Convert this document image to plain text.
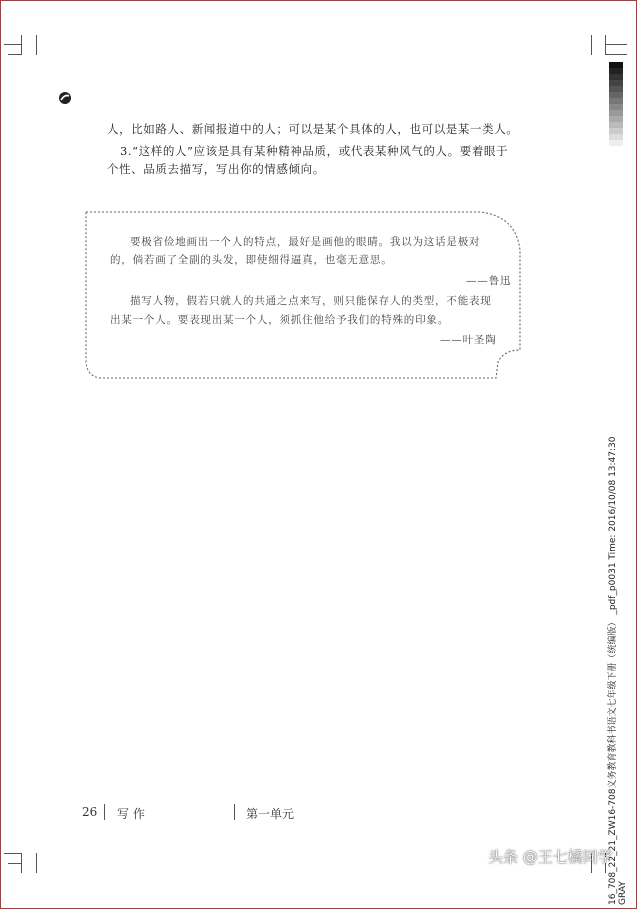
人，比如路人、新闻报道中的人；可以是某个具体的人，也可以是某一类人。
3.“这样的人”应该是具有某种精神品质，或代表某种风气的人。要着眼于
个性、品质去描写，写出你的情感倾向。
要极省俭地画出一个人的特点，最好是画他的眼睛。我以为这话是极对
的，倘若画了全副的头发，即使细得逼真，也毫无意思。
——鲁迅
描写人物，假若只就人的共通之点来写，则只能保存人的类型，不能表现
出某一个人。要表现出某一个人，须抓住他给予我们的特殊的印象。
——叶圣陶
26 写 作	第一单元	16_708_22_21_ZW16-708义务教育教科书语文七年级下册（统编版） _pdf_p0031 Time: 2016/10/08 13:47:30 GRAY
头条 @王七橘同学
